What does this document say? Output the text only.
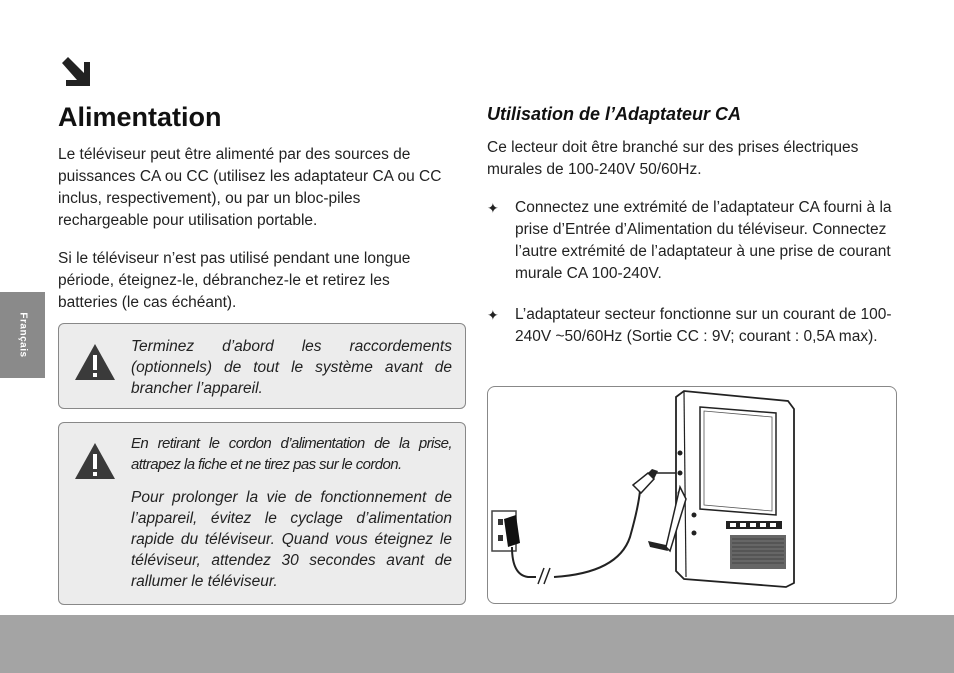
Alimentation

Le téléviseur peut être alimenté par des sources de puissances CA ou CC (utilisez les adaptateur CA ou CC inclus, respectivement), ou par un bloc-piles rechargeable pour utilisation portable.

Si le téléviseur n’est pas utilisé pendant une longue période, éteignez-le, débranchez-le et retirez les batteries (le cas échéant).

Français	Terminez d’abord les raccordements (optionnels) de tout le système avant de brancher l’appareil.

En retirant le cordon d’alimentation de la prise, attrapez la fiche et ne tirez pas sur le cordon.

Pour prolonger la vie de fonctionnement de l’appareil, évitez le cyclage d’alimentation rapide du téléviseur. Quand vous éteignez le téléviseur, attendez 30 secondes avant de rallumer le téléviseur.

Utilisation de l’Adaptateur CA

Ce lecteur doit être branché sur des prises électriques murales de 100-240V 50/60Hz.

✦ Connectez une extrémité de l’adaptateur CA fourni à la prise d’Entrée d’Alimentation du téléviseur. Connectez l’autre extrémité de l’adaptateur à une prise de courant murale CA 100-240V.

✦ L’adaptateur secteur fonctionne sur un courant de 100-240V ~50/60Hz (Sortie CC : 9V; courant : 0,5A max).
